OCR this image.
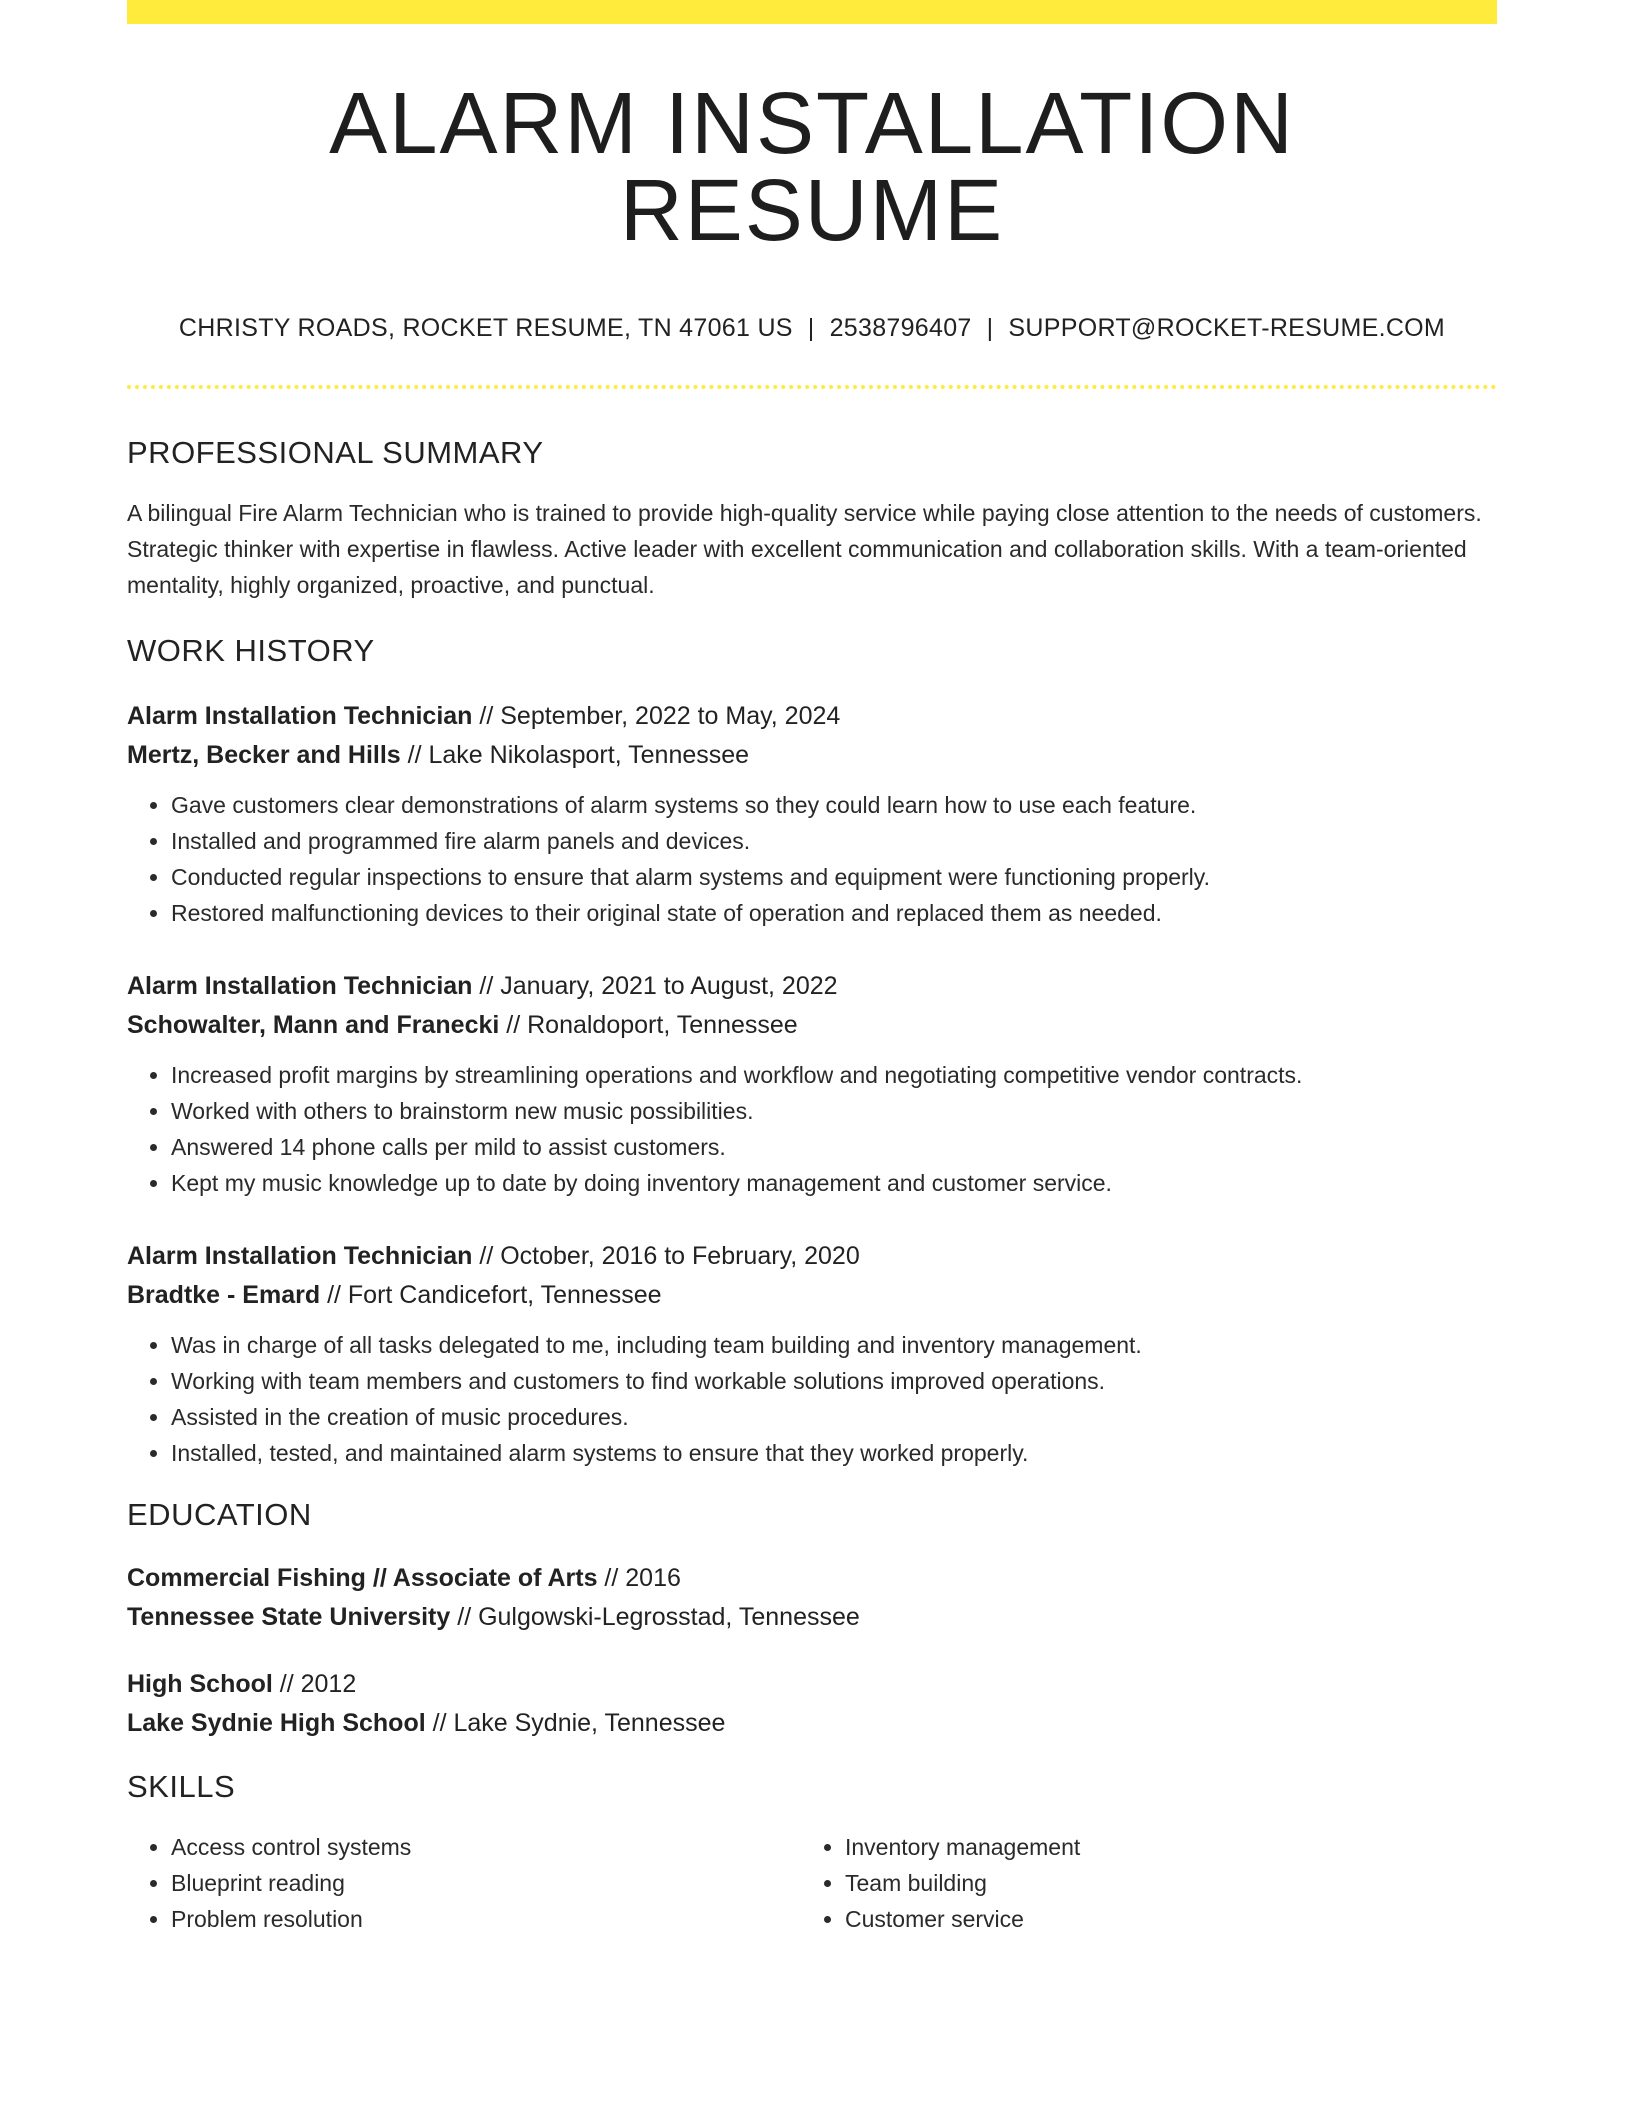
ALARM INSTALLATION RESUME
CHRISTY ROADS, ROCKET RESUME, TN 47061 US | 2538796407 | SUPPORT@ROCKET-RESUME.COM
PROFESSIONAL SUMMARY
A bilingual Fire Alarm Technician who is trained to provide high-quality service while paying close attention to the needs of customers. Strategic thinker with expertise in flawless. Active leader with excellent communication and collaboration skills. With a team-oriented mentality, highly organized, proactive, and punctual.
WORK HISTORY
Alarm Installation Technician // September, 2022 to May, 2024
Mertz, Becker and Hills // Lake Nikolasport, Tennessee
• Gave customers clear demonstrations of alarm systems so they could learn how to use each feature.
• Installed and programmed fire alarm panels and devices.
• Conducted regular inspections to ensure that alarm systems and equipment were functioning properly.
• Restored malfunctioning devices to their original state of operation and replaced them as needed.
Alarm Installation Technician // January, 2021 to August, 2022
Schowalter, Mann and Franecki // Ronaldoport, Tennessee
• Increased profit margins by streamlining operations and workflow and negotiating competitive vendor contracts.
• Worked with others to brainstorm new music possibilities.
• Answered 14 phone calls per mild to assist customers.
• Kept my music knowledge up to date by doing inventory management and customer service.
Alarm Installation Technician // October, 2016 to February, 2020
Bradtke - Emard // Fort Candicefort, Tennessee
• Was in charge of all tasks delegated to me, including team building and inventory management.
• Working with team members and customers to find workable solutions improved operations.
• Assisted in the creation of music procedures.
• Installed, tested, and maintained alarm systems to ensure that they worked properly.
EDUCATION
Commercial Fishing // Associate of Arts // 2016
Tennessee State University // Gulgowski-Legrosstad, Tennessee
High School // 2012
Lake Sydnie High School // Lake Sydnie, Tennessee
SKILLS
• Access control systems
• Blueprint reading
• Problem resolution
• Inventory management
• Team building
• Customer service
